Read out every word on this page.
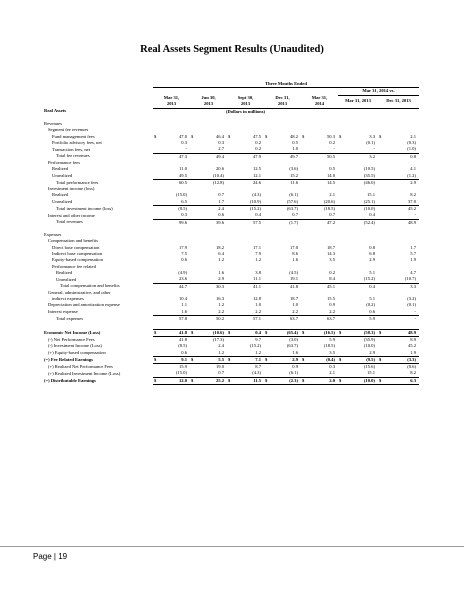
Real Assets Segment Results (Unaudited)
	Three Months Ended						
						Mar 31, 2014 vs.	
	Mar 31,	Jun 30,	Sept 30,	Dec 31,	Mar 31,	Mar 31, 2013	Dec 31, 2013
	2013	2013	2013	2013	2014		
Real Assets	(Dollars in millions)						

Revenues							
Segment fee revenues							
Fund management fees	$ 47.0	$ 46.4	$ 47.5	$ 48.2	$ 50.3	$ 3.3	$ 2.1

Portfolio advisory fees, net	0.3	0.3	0.2	0.5	0.2	(0.1)	(0.3)

Transaction fees, net	-	2.7	0.2	1.0	-	-	(1.0)

Total fee revenues	47.3	49.4	47.9	49.7	50.5	3.2	0.8

Performance fees							
Realized	11.0	20.6	12.5	(3.6)	0.5	(10.5)	4.1

Unrealized	49.5	(10.4)	12.1	15.2	14.0	(35.5)	(1.2)

Total performance fees	60.5	(12.8)	24.6	11.6	14.5	(46.0)	2.9

Investment income (loss)							
Realized	(15.0)	0.7	(4.3)	(6.1)	2.1	15.1	8.2

Unrealized	6.5	1.7	(10.9)	(57.6)	(20.6)	(25.1)	37.0

Total investment income (loss)	(8.5)	2.4	(15.2)	(63.7)	(18.5)	(10.0)	45.2

Interest and other income	0.3	0.6	0.4	0.7	0.7	0.4	-

Total revenues	99.6	39.6	57.5	(1.7)	47.2	(52.4)	48.9

Expenses							
Compensation and benefits							
Direct base compensation	17.9	18.2	17.1	17.0	18.7	0.8	1.7

Indirect base compensation	7.5	6.4	7.9	8.6	14.3	6.8	5.7

Equity-based compensation	0.6	1.2	1.2	1.6	3.5	2.9	1.9

Performance fee related							
Realized	(4.9)	1.6	3.8	(4.5)	0.2	5.1	4.7

Unrealized	23.6	2.9	11.1	19.1	8.4	(15.2)	(10.7)

Total compensation and benefits	44.7	30.3	41.1	41.8	45.1	0.4	3.3

General, administrative, and other							
indirect expenses	10.4	16.3	12.8	18.7	15.5	5.1	(3.2)

Depreciation and amortization expense	1.1	1.2	1.0	1.0	0.9	(0.2)	(0.1)

Interest expense	1.6	2.2	2.2	2.2	2.2	0.6	-

Total expenses	57.8	50.2	57.1	63.7	63.7	5.9	-

Economic Net Income (Loss)	$ 41.8	$ (10.6)	$ 0.4	$ (65.4)	$ (16.5)	$ (58.3)	$ 48.9

(-) Net Performance Fees	41.8	(17.3)	9.7	(3.0)	5.9	(35.9)	8.9

(-) Investment Income (Loss)	(8.5)	2.4	(15.2)	(63.7)	(18.5)	(10.0)	45.2

(+) Equity-based compensation	0.6	1.2	1.2	1.6	3.5	2.9	1.9

(=) Fee Related Earnings	$ 9.1	$ 5.5	$ 7.1	$ 2.9	$ (0.4)	$ (9.5)	$ (3.3)

(+) Realized Net Performance Fees	15.9	19.0	8.7	0.9	0.3	(15.6)	(0.6)

(+) Realized Investment Income (Loss)	(15.0)	0.7	(4.3)	(6.1)	2.1	15.1	8.2

(=) Distributable Earnings	$ 12.0	$ 25.2	$ 11.5	$ (2.3)	$ 2.0	$ (10.0)	$ 6.3
Page | 19
